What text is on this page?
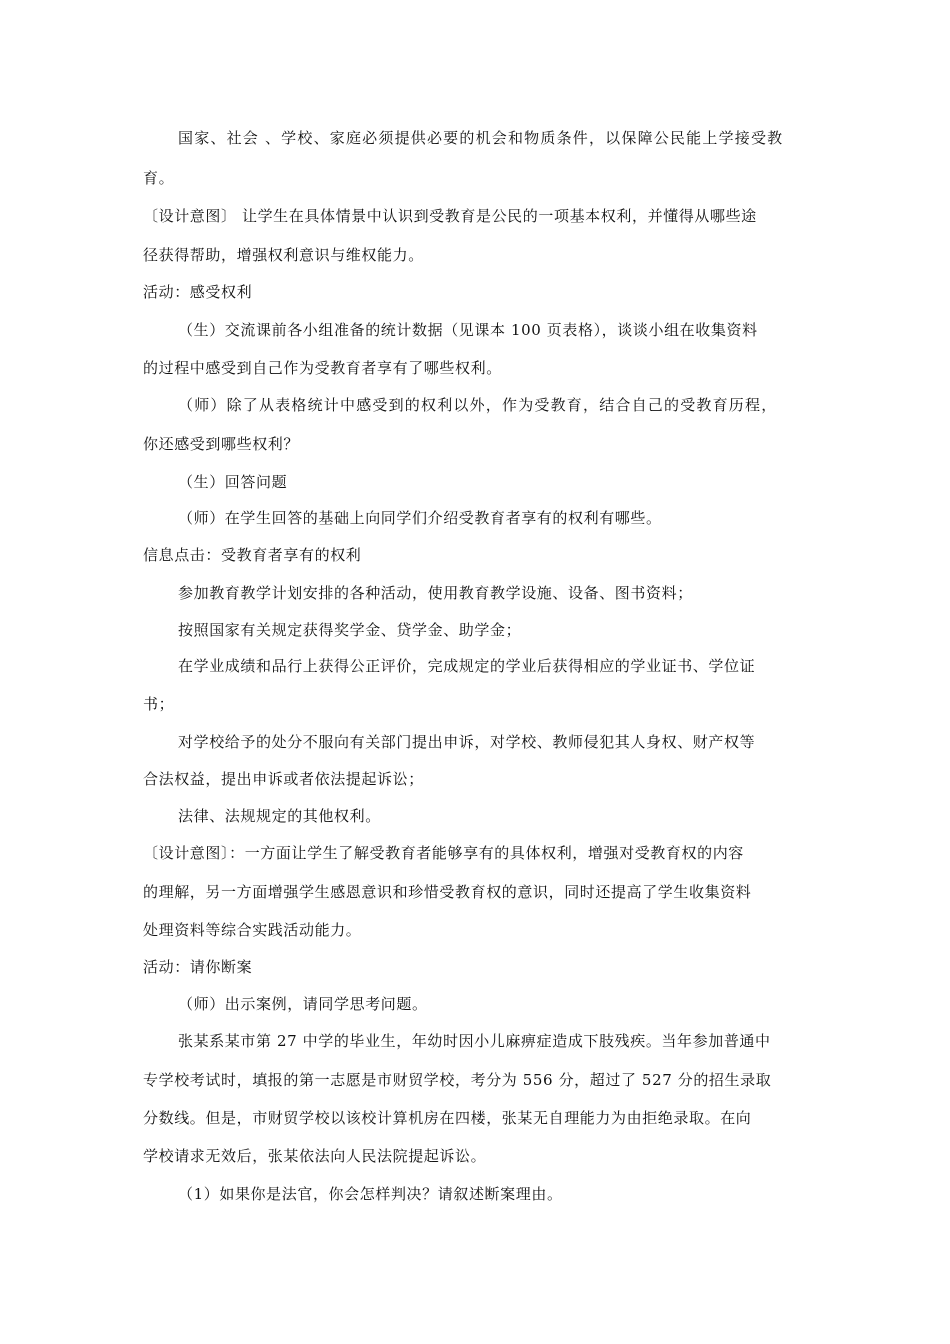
国家、社会 、学校、家庭必须提供必要的机会和物质条件，以保障公民能上学接受教
育。
〔设计意图〕 让学生在具体情景中认识到受教育是公民的一项基本权利，并懂得从哪些途
径获得帮助，增强权利意识与维权能力。
活动：感受权利
（生）交流课前各小组准备的统计数据（见课本 100 页表格），谈谈小组在收集资料
的过程中感受到自己作为受教育者享有了哪些权利。
（师）除了从表格统计中感受到的权利以外，作为受教育，结合自己的受教育历程，
你还感受到哪些权利？
（生）回答问题
（师）在学生回答的基础上向同学们介绍受教育者享有的权利有哪些。
信息点击：受教育者享有的权利
参加教育教学计划安排的各种活动，使用教育教学设施、设备、图书资料；
按照国家有关规定获得奖学金、贷学金、助学金；
在学业成绩和品行上获得公正评价，完成规定的学业后获得相应的学业证书、学位证
书；
对学校给予的处分不服向有关部门提出申诉，对学校、教师侵犯其人身权、财产权等
合法权益，提出申诉或者依法提起诉讼；
法律、法规规定的其他权利。
〔设计意图〕：一方面让学生了解受教育者能够享有的具体权利，增强对受教育权的内容
的理解，另一方面增强学生感恩意识和珍惜受教育权的意识，同时还提高了学生收集资料
处理资料等综合实践活动能力。
活动：请你断案
（师）出示案例，请同学思考问题。
张某系某市第 27 中学的毕业生，年幼时因小儿麻痹症造成下肢残疾。当年参加普通中
专学校考试时，填报的第一志愿是市财贸学校，考分为 556 分，超过了 527 分的招生录取
分数线。但是，市财贸学校以该校计算机房在四楼，张某无自理能力为由拒绝录取。在向
学校请求无效后，张某依法向人民法院提起诉讼。
（1）如果你是法官，你会怎样判决？请叙述断案理由。
